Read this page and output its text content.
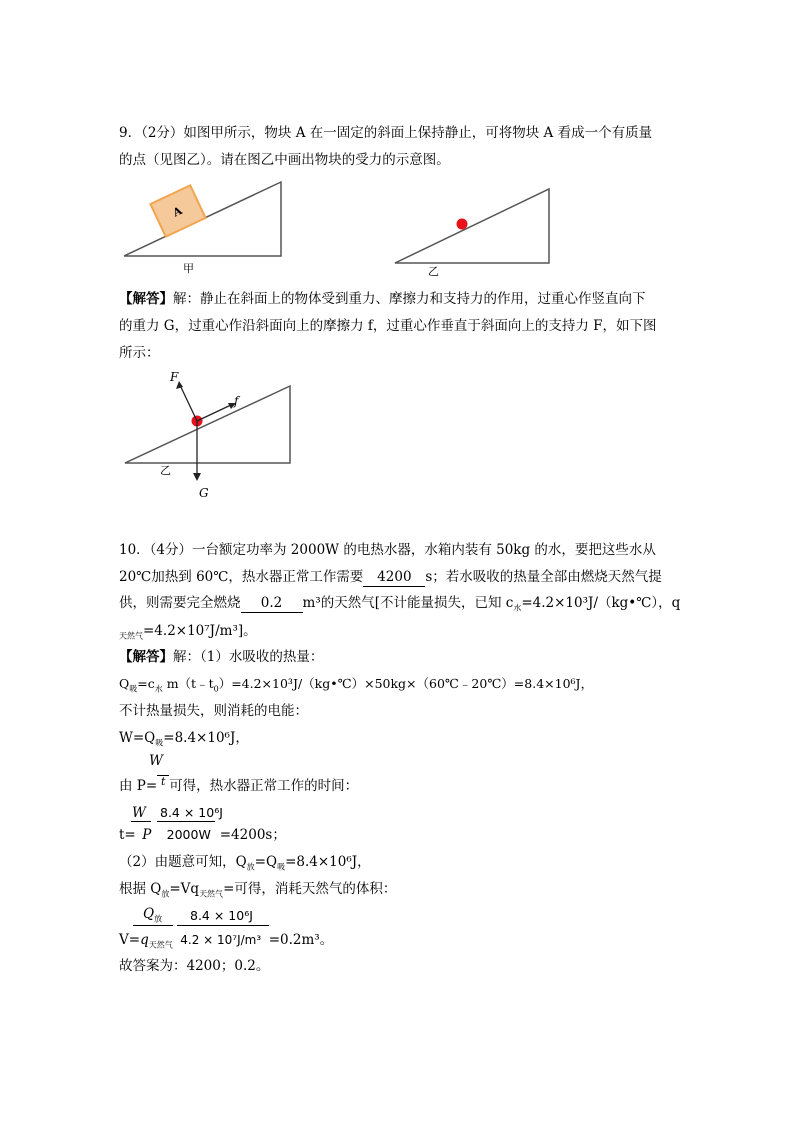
9．（2分）如图甲所示，物块 A 在一固定的斜面上保持静止，可将物块 A 看成一个有质量
的点（见图乙）。请在图乙中画出物块的受力的示意图。
A
甲	乙
【解答】解：静止在斜面上的物体受到重力、摩擦力和支持力的作用，过重心作竖直向下
的重力 G，过重心作沿斜面向上的摩擦力 f，过重心作垂直于斜面向上的支持力 F，如下图
所示：
F
f
G
乙
10．（4分）一台额定功率为 2000W 的电热水器，水箱内装有 50kg 的水，要把这些水从
20℃加热到 60℃，热水器正常工作需要 4200 s；若水吸收的热量全部由燃烧天然气提
供，则需要完全燃烧 0.2 m³的天然气[不计能量损失，已知 $c_水=4.2\times 10^3J/(kg•℃)$，q
$_{天然气}$=4.2×10⁷J/m³]。
【解答】解：（1）水吸收的热量：
$Q_吸=c_水$ $m(t﹣t_0)=4.2\times 10^3J/(kg•℃)\times 50kg\times(60℃﹣20℃)=8.4\times 10^6J$，
不计热量损失，则消耗的电能：
$W=Q_吸=8.4\times 10^6J$，
W
由 P= t 可得，热水器正常工作的时间：
W 8.4 × 10⁶J
t= P 2000W =4200s；
（2）由题意可知，$Q_放=Q_吸=8.4\times 10^6J$，
根据 $Q_放=Vq_{天然气}=$可得，消耗天然气的体积：
$Q_放$ 8.4 × 10⁶J
$V=q_{天然气}$ 4.2 × 10⁷J/m³ =0.2m³。
故答案为：4200；0.2。
